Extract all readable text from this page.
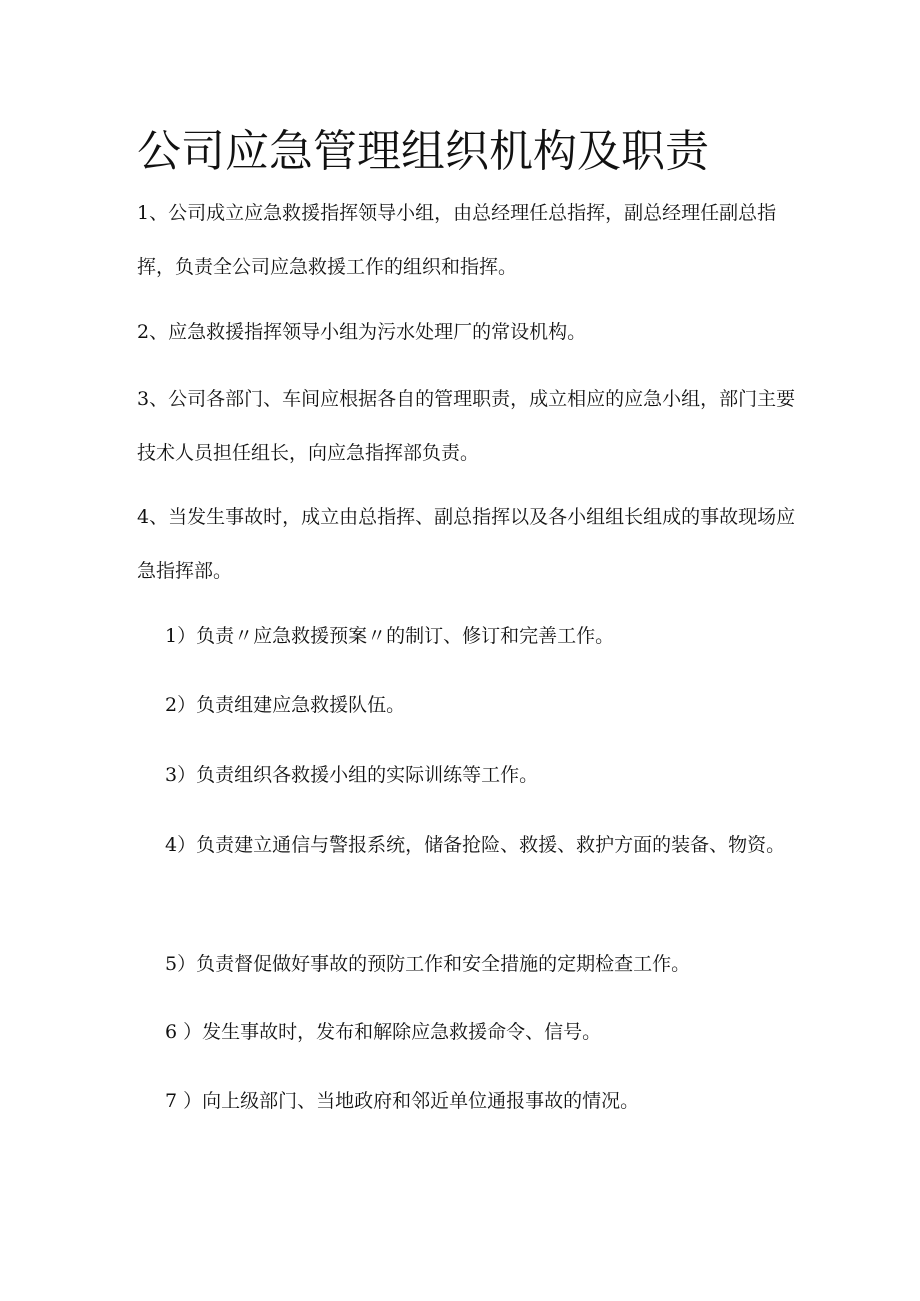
公司应急管理组织机构及职责

1、公司成立应急救援指挥领导小组，由总经理任总指挥，副总经理任副总指挥，负责全公司应急救援工作的组织和指挥。

2、应急救援指挥领导小组为污水处理厂的常设机构。

3、公司各部门、车间应根据各自的管理职责，成立相应的应急小组，部门主要技术人员担任组长，向应急指挥部负责。

4、当发生事故时，成立由总指挥、副总指挥以及各小组组长组成的事故现场应急指挥部。

1）负责〃应急救援预案〃的制订、修订和完善工作。

2）负责组建应急救援队伍。

3）负责组织各救援小组的实际训练等工作。

4）负责建立通信与警报系统，储备抢险、救援、救护方面的装备、物资。

5）负责督促做好事故的预防工作和安全措施的定期检查工作。

6 ）发生事故时，发布和解除应急救援命令、信号。

7 ）向上级部门、当地政府和邻近单位通报事故的情况。
